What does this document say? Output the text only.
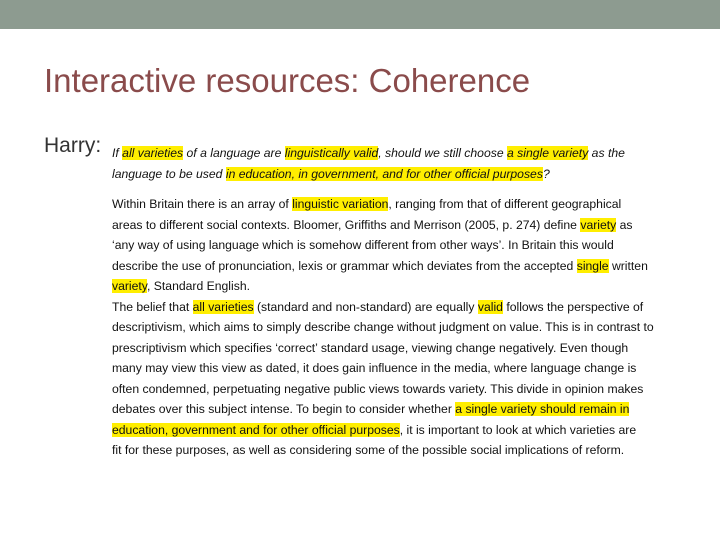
Interactive resources: Coherence
Harry: If all varieties of a language are linguistically valid, should we still choose a single variety as the
language to be used in education, in government, and for other official purposes?
Within Britain there is an array of linguistic variation, ranging from that of different geographical
areas to different social contexts. Bloomer, Griffiths and Merrison (2005, p. 274) define variety as
‘any way of using language which is somehow different from other ways’. In Britain this would
describe the use of pronunciation, lexis or grammar which deviates from the accepted single written
variety, Standard English.
The belief that all varieties (standard and non-standard) are equally valid follows the perspective of
descriptivism, which aims to simply describe change without judgment on value. This is in contrast to
prescriptivism which specifies ‘correct’ standard usage, viewing change negatively. Even though
many may view this view as dated, it does gain influence in the media, where language change is
often condemned, perpetuating negative public views towards variety. This divide in opinion makes
debates over this subject intense. To begin to consider whether a single variety should remain in
education, government and for other official purposes, it is important to look at which varieties are
fit for these purposes, as well as considering some of the possible social implications of reform.
